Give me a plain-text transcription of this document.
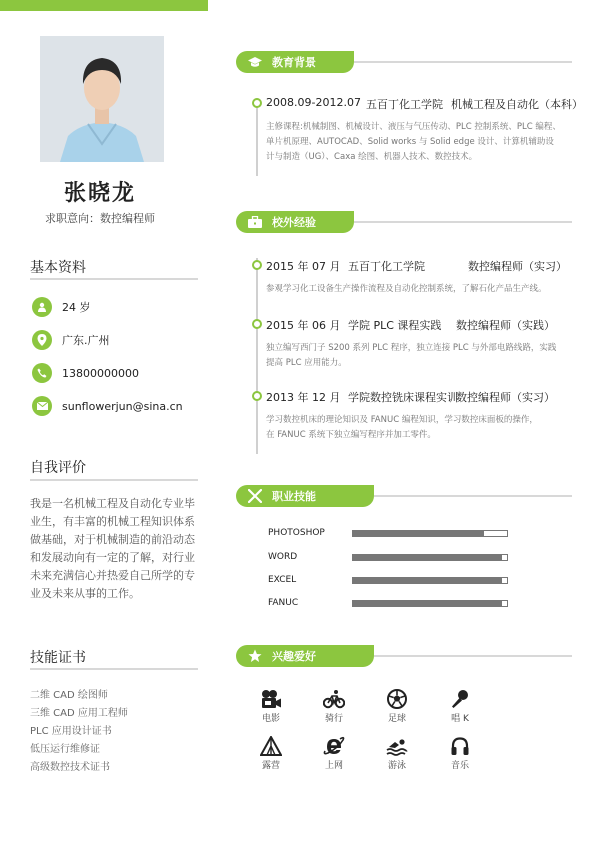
张晓龙
求职意向：数控编程师
基本资料
24 岁
广东.广州
13800000000
sunflowerjun@sina.cn
自我评价
我是一名机械工程及自动化专业毕业生，有丰富的机械工程知识体系做基础，对于机械制造的前沿动态和发展动向有一定的了解，对行业未来充满信心并热爱自己所学的专业及未来从事的工作。
技能证书
二维 CAD 绘图师
三维 CAD 应用工程师
PLC 应用设计证书
低压运行维修证
高级数控技术证书
教育背景
2008.09-2012.07 五百丁化工学院 机械工程及自动化（本科）
主修课程:机械制图、机械设计、液压与气压传动、PLC 控制系统、PLC 编程、
单片机原理、AUTOCAD、Solid works 与 Solid edge 设计、计算机辅助设
计与制造（UG）、Caxa 绘图、机器人技术、数控技术。
校外经验
2015 年 07 月 五百丁化工学院	数控编程师（实习）
参观学习化工设备生产操作流程及自动化控制系统，了解石化产品生产线。
2015 年 06 月 学院 PLC 课程实践 数控编程师（实践）
独立编写西门子 S200 系列 PLC 程序，独立连接 PLC 与外部电路线路，实践
提高 PLC 应用能力。
2013 年 12 月 学院数控铣床课程实训
数控编程师（实习）
学习数控机床的理论知识及 FANUC 编程知识，学习数控床面板的操作，
在 FANUC 系统下独立编写程序并加工零件。
职业技能
PHOTOSHOP
WORD
EXCEL
FANUC
兴趣爱好
电影	骑行	足球	唱 K
露营	上网	游泳	音乐
